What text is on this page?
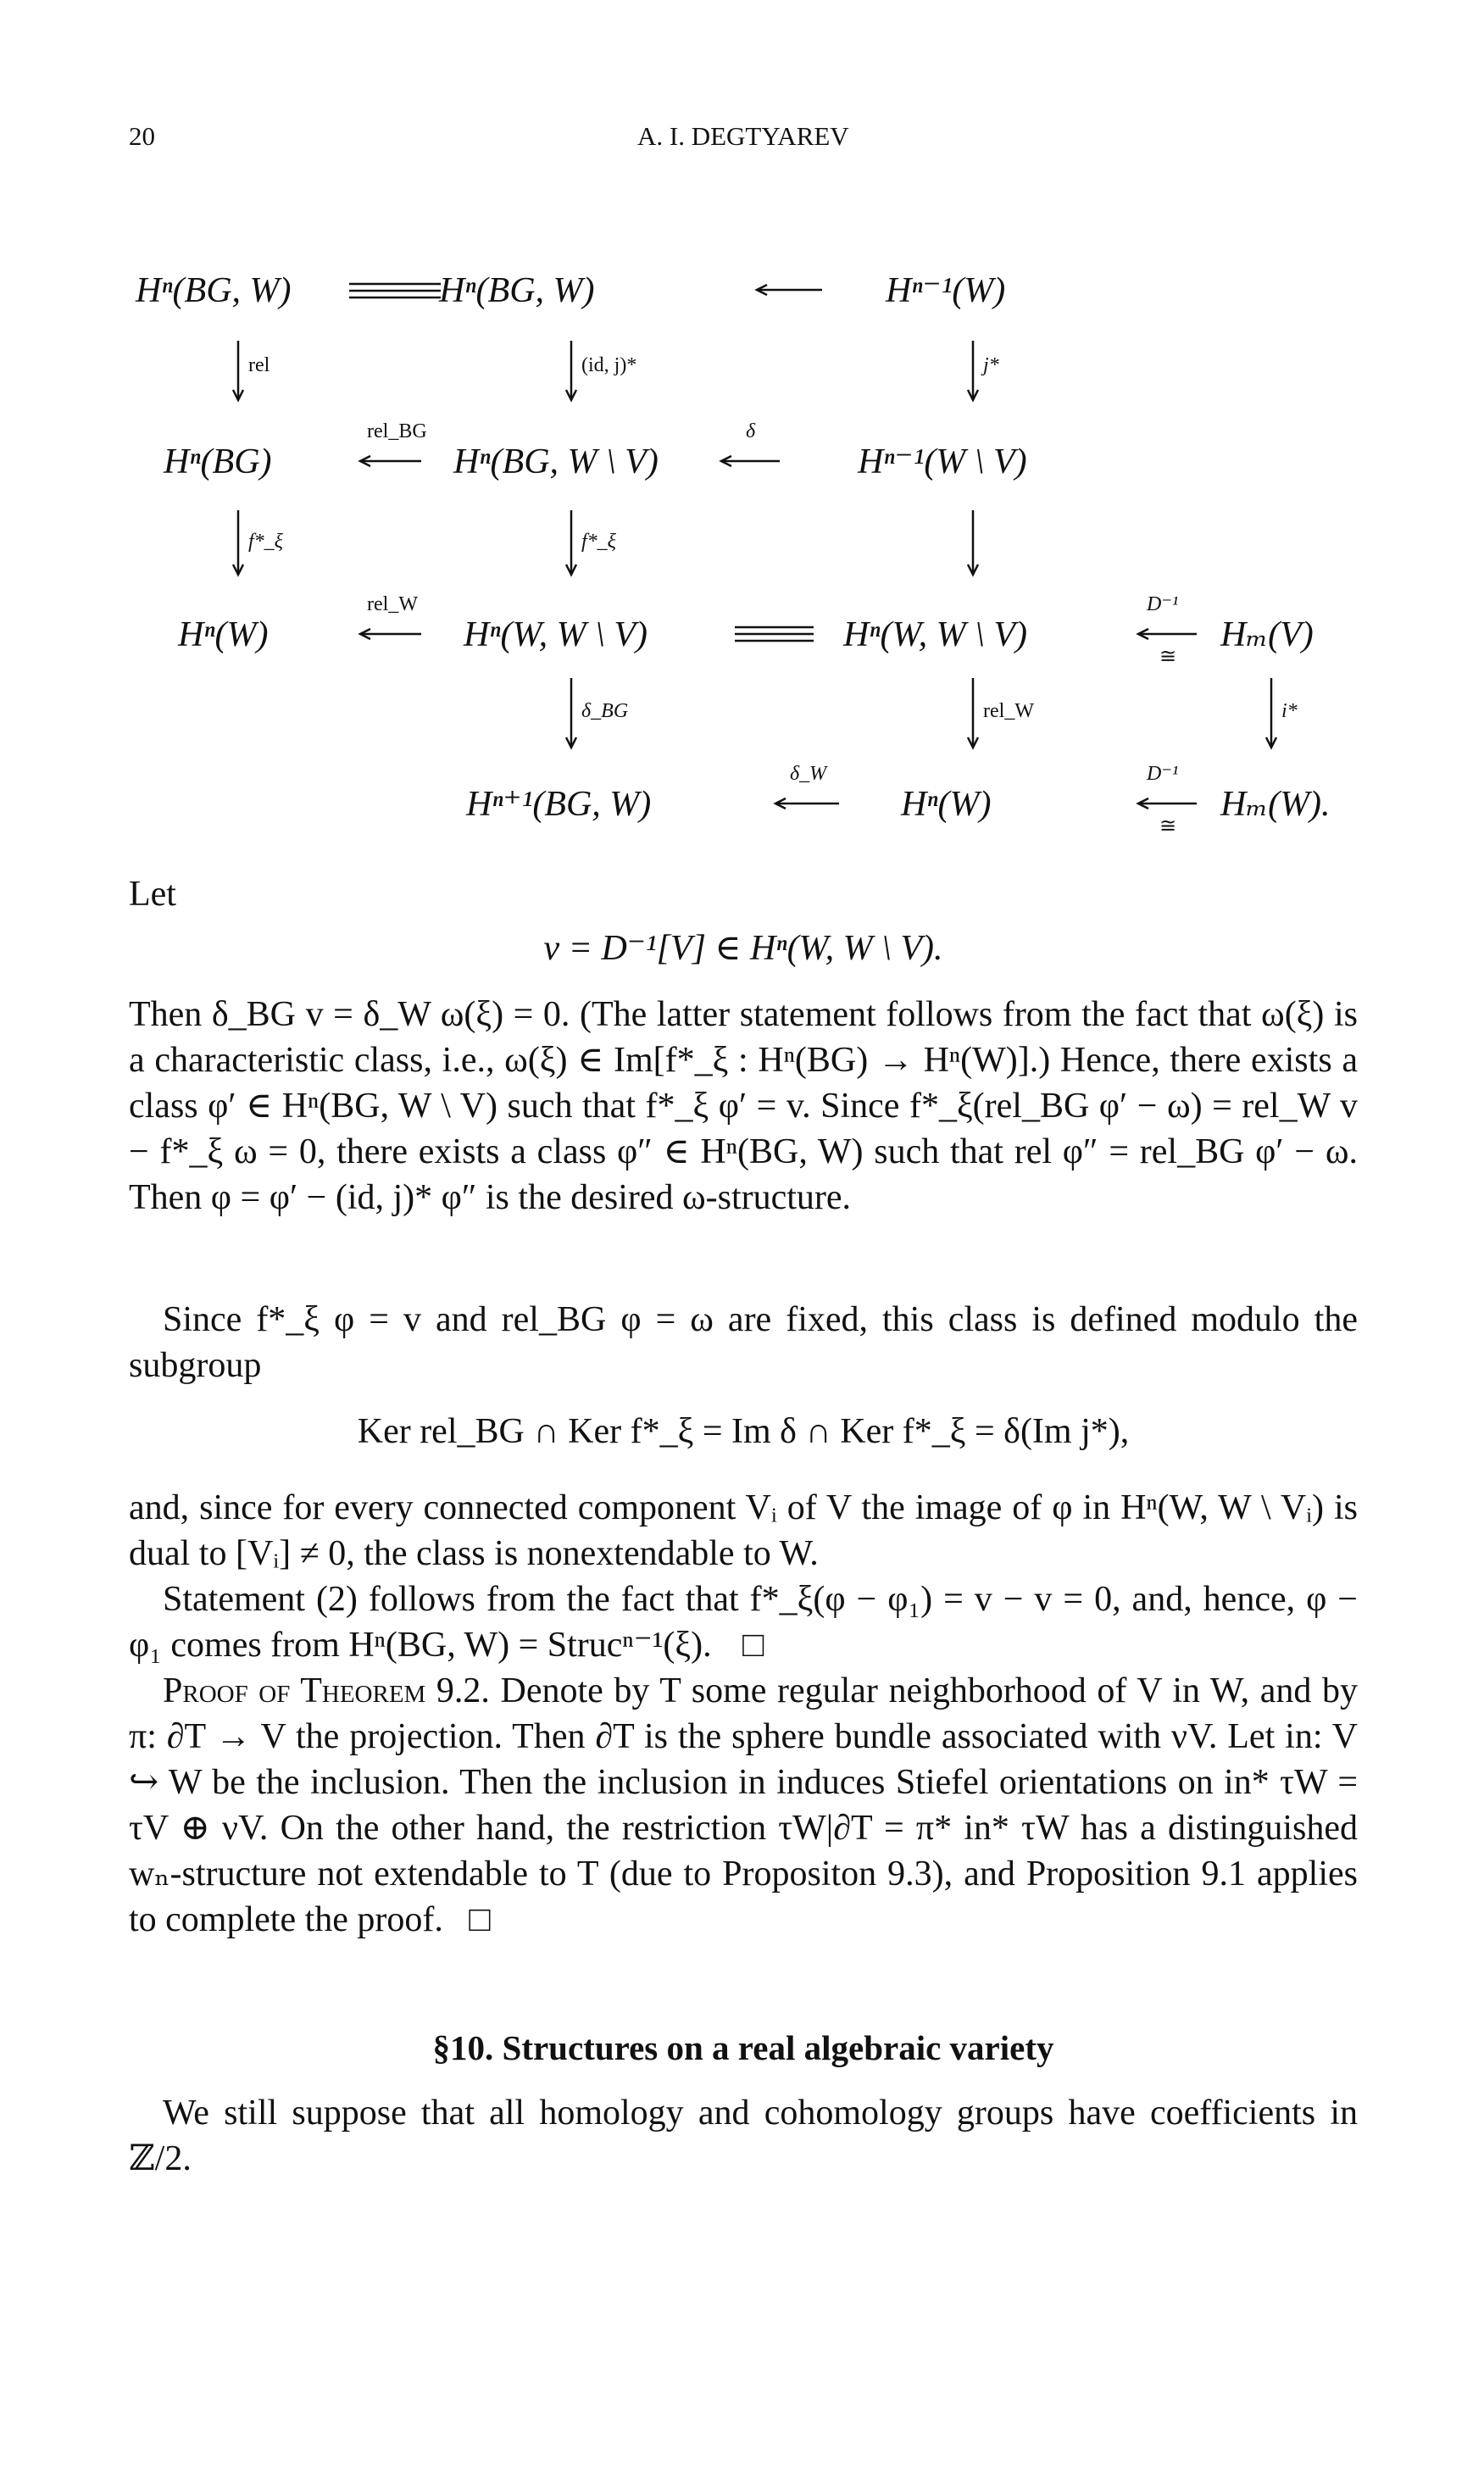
20	A. I. DEGTYAREV
Hⁿ(BG, W)	Hⁿ(BG, W)	Hⁿ⁻¹(W)
Hⁿ(BG)	Hⁿ(BG, W \ V)	Hⁿ⁻¹(W \ V)
Hⁿ(W)	Hⁿ(W, W \ V)	Hⁿ(W, W \ V)	Hₘ(V)
Hⁿ⁺¹(BG, W)	Hⁿ(W)	Hₘ(W).
rel	(id, j)*	j*
rel_BG	δ
f*_ξ	f*_ξ
rel_W	D⁻¹
≅
δ_BG	rel_W	i*
δ_W	D⁻¹
≅
Let
v = D⁻¹[V] ∈ Hⁿ(W, W \ V).
Then δ_BG v = δ_W ω(ξ) = 0. (The latter statement follows from the fact that ω(ξ) is a characteristic class, i.e., ω(ξ) ∈ Im[f*_ξ : Hⁿ(BG) → Hⁿ(W)].) Hence, there exists a class φ′ ∈ Hⁿ(BG, W \ V) such that f*_ξ φ′ = v. Since f*_ξ(rel_BG φ′ − ω) = rel_W v − f*_ξ ω = 0, there exists a class φ″ ∈ Hⁿ(BG, W) such that rel φ″ = rel_BG φ′ − ω. Then φ = φ′ − (id, j)* φ″ is the desired ω-structure.
Since f*_ξ φ = v and rel_BG φ = ω are fixed, this class is defined modulo the subgroup
Ker rel_BG ∩ Ker f*_ξ = Im δ ∩ Ker f*_ξ = δ(Im j*),
and, since for every connected component Vᵢ of V the image of φ in Hⁿ(W, W \ Vᵢ) is dual to [Vᵢ] ≠ 0, the class is nonextendable to W.
Statement (2) follows from the fact that f*_ξ(φ − φ₁) = v − v = 0, and, hence, φ − φ₁ comes from Hⁿ(BG, W) = Strucⁿ⁻¹(ξ). □
Proof of Theorem 9.2. Denote by T some regular neighborhood of V in W, and by π: ∂T → V the projection. Then ∂T is the sphere bundle associated with νV. Let in: V ↪ W be the inclusion. Then the inclusion in induces Stiefel orientations on in* τW = τV ⊕ νV. On the other hand, the restriction τW|∂T = π* in* τW has a distinguished wₙ-structure not extendable to T (due to Propositon 9.3), and Proposition 9.1 applies to complete the proof. □
§10. Structures on a real algebraic variety
We still suppose that all homology and cohomology groups have coefficients in ℤ/2.
